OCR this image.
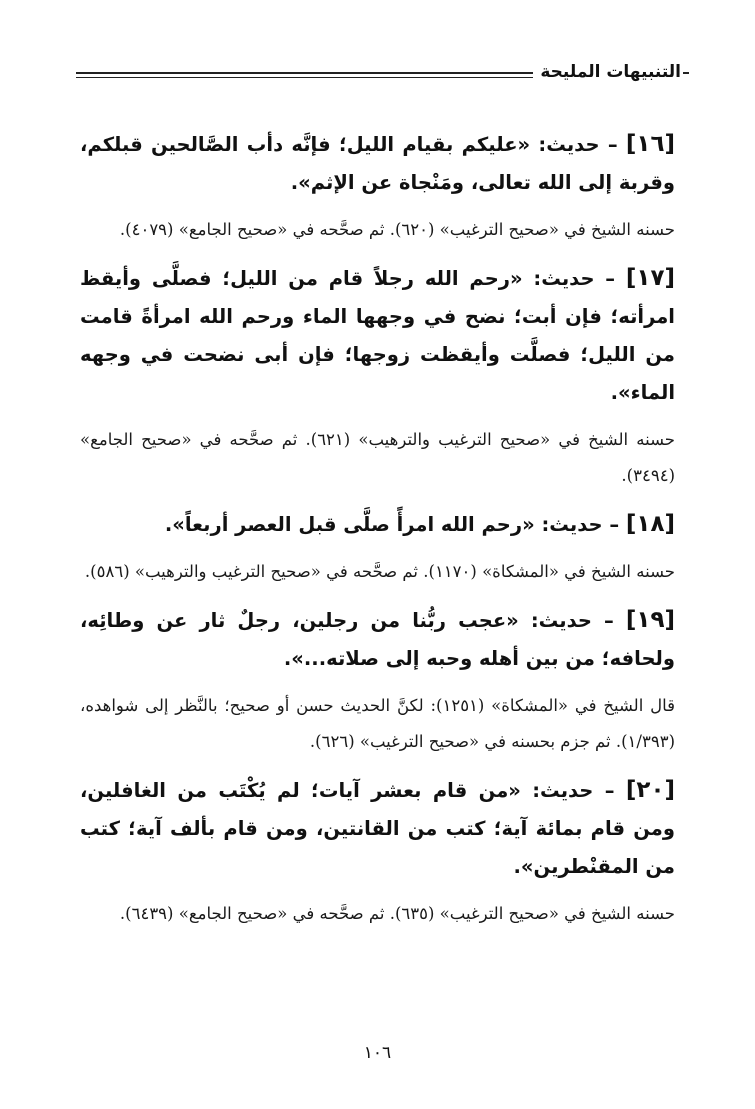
التنبيهات المليحة

[١٦] – حديث: «عليكم بقيام الليل؛ فإنَّه دأب الصَّالحين قبلكم، وقربة إلى الله تعالى، ومَنْجاة عن الإثم».

حسنه الشيخ في «صحيح الترغيب» (٦٢٠). ثم صحَّحه في «صحيح الجامع» (٤٠٧٩).

[١٧] – حديث: «رحم الله رجلاً قام من الليل؛ فصلَّى وأيقظ امرأته؛ فإن أبت؛ نضح في وجهها الماء ورحم الله امرأةً قامت من الليل؛ فصلَّت وأيقظت زوجها؛ فإن أبى نضحت في وجهه الماء».

حسنه الشيخ في «صحيح الترغيب والترهيب» (٦٢١). ثم صحَّحه في «صحيح الجامع» (٣٤٩٤).

[١٨] – حديث: «رحم الله امرأً صلَّى قبل العصر أربعاً».

حسنه الشيخ في «المشكاة» (١١٧٠). ثم صحَّحه في «صحيح الترغيب والترهيب» (٥٨٦).

[١٩] – حديث: «عجب ربُّنا من رجلين، رجلٌ ثار عن وطائِه، ولحافه؛ من بين أهله وحبه إلى صلاته...».

قال الشيخ في «المشكاة» (١٢٥١): لكنَّ الحديث حسن أو صحيح؛ بالنَّظر إلى شواهده، (١/٣٩٣). ثم جزم بحسنه في «صحيح الترغيب» (٦٢٦).

[٢٠] – حديث: «من قام بعشر آيات؛ لم يُكْتَب من الغافلين، ومن قام بمائة آية؛ كتب من القانتين، ومن قام بألف آية؛ كتب من المقنْطرين».

حسنه الشيخ في «صحيح الترغيب» (٦٣٥). ثم صحَّحه في «صحيح الجامع» (٦٤٣٩).

١٠٦
